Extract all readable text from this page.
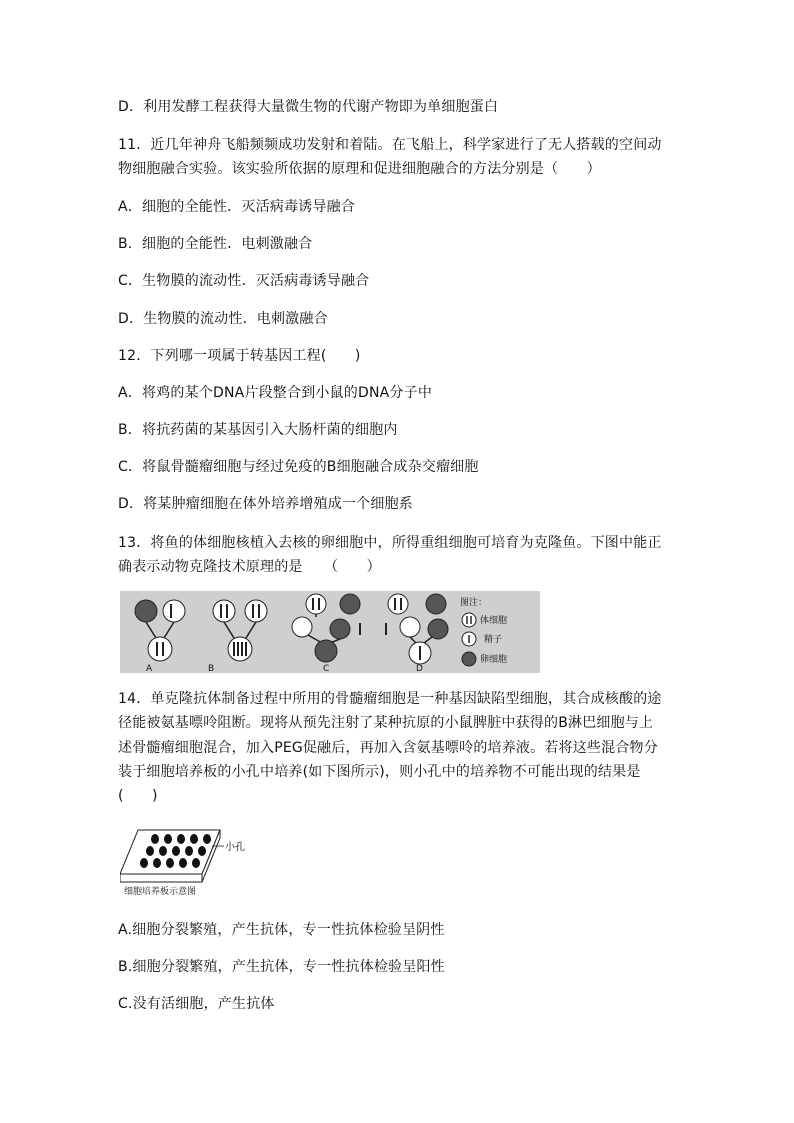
D．利用发酵工程获得大量微生物的代谢产物即为单细胞蛋白
11．近几年神舟飞船频频成功发射和着陆。在飞船上，科学家进行了无人搭载的空间动
物细胞融合实验。该实验所依据的原理和促进细胞融合的方法分别是（　　）
A．细胞的全能性．灭活病毒诱导融合
B．细胞的全能性．电刺激融合
C．生物膜的流动性．灭活病毒诱导融合
D．生物膜的流动性．电刺激融合
12．下列哪一项属于转基因工程(　　)
A．将鸡的某个DNA片段整合到小鼠的DNA分子中
B．将抗药菌的某基因引入大肠杆菌的细胞内
C．将鼠骨髓瘤细胞与经过免疫的B细胞融合成杂交瘤细胞
D．将某肿瘤细胞在体外培养增殖成一个细胞系
13．将鱼的体细胞核植入去核的卵细胞中，所得重组细胞可培育为克隆鱼。下图中能正
确表示动物克隆技术原理的是　　（　　）
图注：
体细胞
精子
卵细胞
A	B	C	D
14．单克隆抗体制备过程中所用的骨髓瘤细胞是一种基因缺陷型细胞，其合成核酸的途
径能被氨基嘌呤阻断。现将从预先注射了某种抗原的小鼠脾脏中获得的B淋巴细胞与上
述骨髓瘤细胞混合，加入PEG促融后，再加入含氨基嘌呤的培养液。若将这些混合物分
装于细胞培养板的小孔中培养(如下图所示)，则小孔中的培养物不可能出现的结果是
(　　)
小孔
细胞培养板示意图
A.细胞分裂繁殖，产生抗体，专一性抗体检验呈阴性
B.细胞分裂繁殖，产生抗体，专一性抗体检验呈阳性
C.没有活细胞，产生抗体
